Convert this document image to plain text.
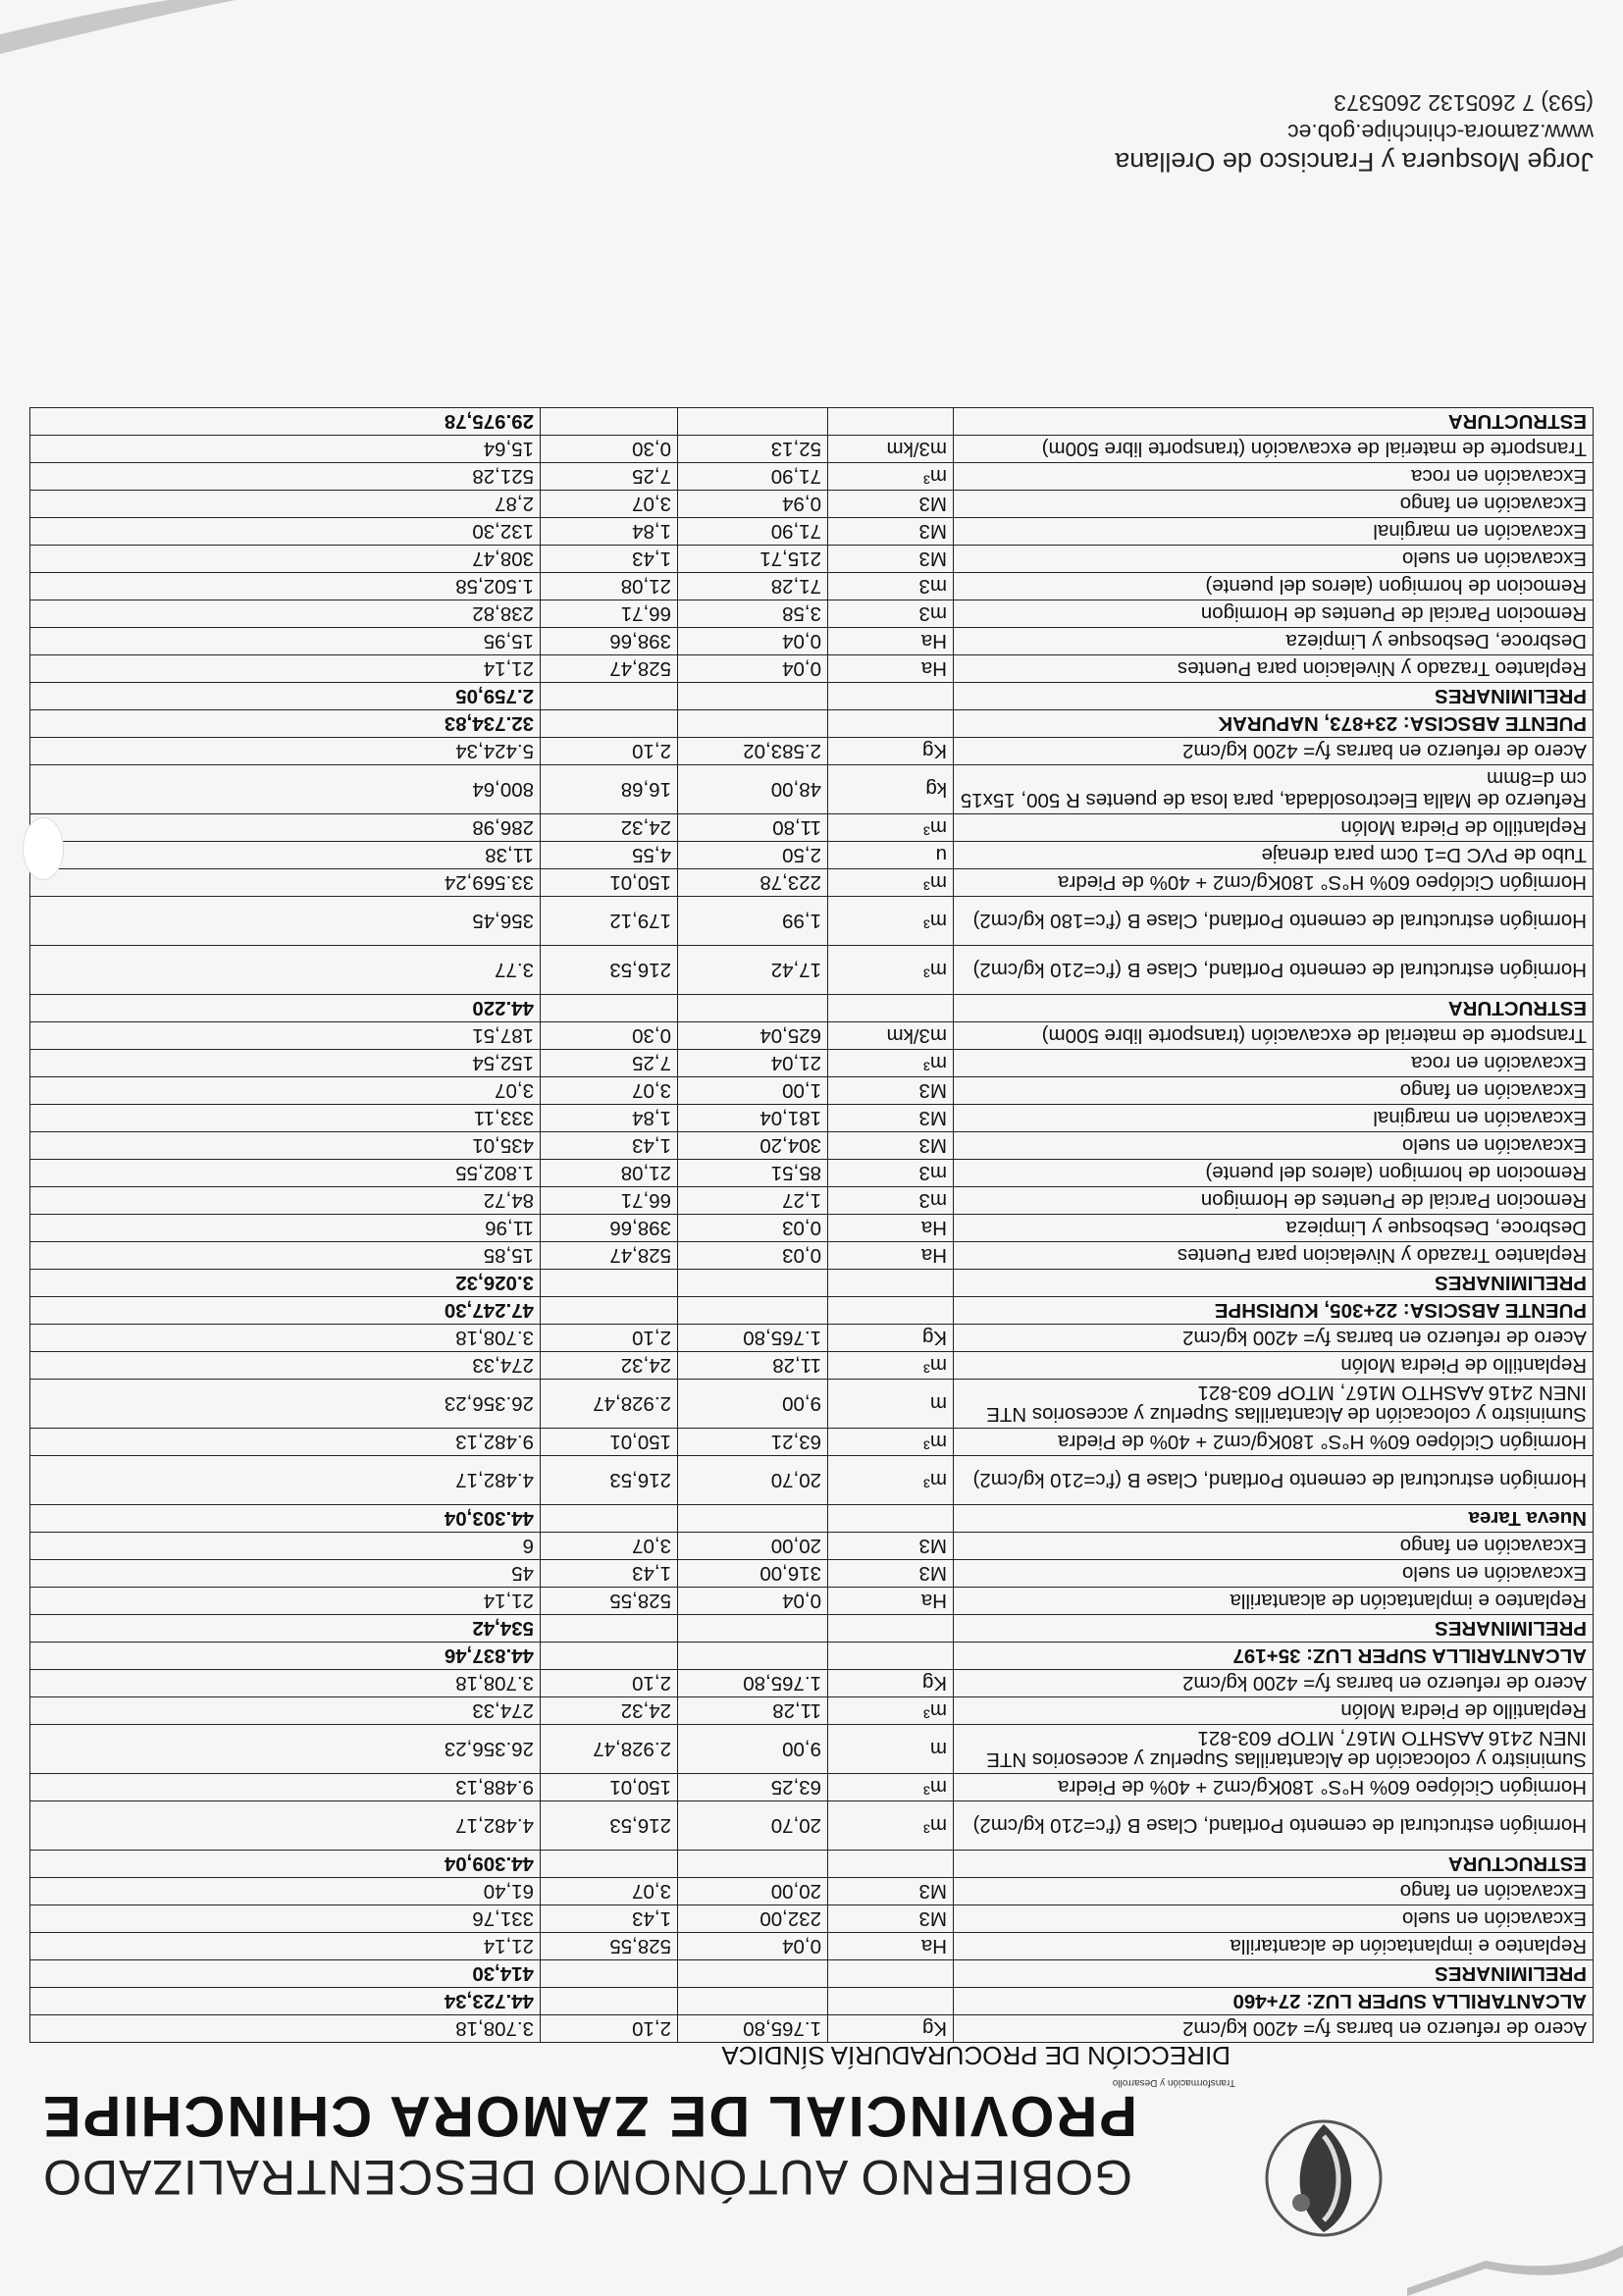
GOBIERNO AUTÓNOMO DESCENTRALIZADO
PROVINCIAL DE ZAMORA CHINCHIPE
Transformación y Desarrollo
DIRECCIÓN DE PROCURADURÍA SÍNDICA
Acero de refuerzo en barras fy= 4200 kg/cm2	Kg	1.765,80	2,10	3.708,18
ALCANTARILLA SUPER LUZ: 27+460				44.723,34
PRELIMINARES				414,30
Replanteo e implantación de alcantarilla	Ha	0,04	528,55	21,14
Excavación en suelo	M3	232,00	1,43	331,76
Excavación en fango	M3	20,00	3,07	61,40
ESTRUCTURA				44.309,04
Hormigón estructural de cemento Portland, Clase B (f'c=210 kg/cm2)	m³	20,70	216,53	4.482,17
Hormigón Ciclópeo 60% H°S° 180Kg/cm2 + 40% de Piedra	m³	63,25	150,01	9.488,13
Suministro y colocación de Alcantarillas Superluz y accesorios NTE INEN 2416 AASHTO M167, MTOP 603-821	m	9,00	2.928,47	26.356,23
Replantillo de Piedra Molón	m³	11,28	24,32	274,33
Acero de refuerzo en barras fy= 4200 kg/cm2	Kg	1.765,80	2,10	3.708,18
ALCANTARILLA SUPER LUZ: 35+197				44.837,46
PRELIMINARES				534,42
Replanteo e implantación de alcantarilla	Ha	0,04	528,55	21,14
Excavación en suelo	M3	316,00	1,43	45
Excavación en fango	M3	20,00	3,07	6
Nueva Tarea				44.303,04
Hormigón estructural de cemento Portland, Clase B (f'c=210 kg/cm2)	m³	20,70	216,53	4.482,17
Hormigón Ciclópeo 60% H°S° 180Kg/cm2 + 40% de Piedra	m³	63,21	150,01	9.482,13
Suministro y colocación de Alcantarillas Superluz y accesorios NTE INEN 2416 AASHTO M167, MTOP 603-821	m	9,00	2.928,47	26.356,23
Replantillo de Piedra Molón	m³	11,28	24,32	274,33
Acero de refuerzo en barras fy= 4200 kg/cm2	Kg	1.765,80	2,10	3.708,18
PUENTE ABSCISA: 22+305, KURISHPE				47.247,30
PRELIMINARES				3.026,32
Replanteo Trazado y Nivelacion para Puentes	Ha	0,03	528,47	15,85
Desbroce, Desbosque y Limpieza	Ha	0,03	398,66	11,96
Remocion Parcial de Puentes de Hormigon	m3	1,27	66,71	84,72
Remocion de hormigon (aleros del puente)	m3	85,51	21,08	1.802,55
Excavación en suelo	M3	304,20	1,43	435,01
Excavación en marginal	M3	181,04	1,84	333,11
Excavación en fango	M3	1,00	3,07	3,07
Excavación en roca	m³	21,04	7,25	152,54
Transporte de material de excavación (transporte libre 500m)	m3/km	625,04	0,30	187,51
ESTRUCTURA				44.220
Hormigón estructural de cemento Portland, Clase B (f'c=210 kg/cm2)	m³	17,42	216,53	3.77
Hormigón estructural de cemento Portland, Clase B (f'c=180 kg/cm2)	m³	1,99	179,12	356,45
Hormigón Ciclópeo 60% H°S° 180Kg/cm2 + 40% de Piedra	m³	223,78	150,01	33.569,24
Tubo de PVC D=1 0cm para drenaje	u	2,50	4,55	11,38
Replantillo de Piedra Molón	m³	11,80	24,32	286,98
Refuerzo de Malla Electrosoldada, para losa de puentes R 500, 15x15 cm d=8mm	kg	48,00	16,68	800,64
Acero de refuerzo en barras fy= 4200 kg/cm2	Kg	2.583,02	2,10	5.424,34
PUENTE ABSCISA: 23+873, NAPURAK				32.734,83
PRELIMINARES				2.759,05
Replanteo Trazado y Nivelacion para Puentes	Ha	0,04	528,47	21,14
Desbroce, Desbosque y Limpieza	Ha	0,04	398,66	15,95
Remocion Parcial de Puentes de Hormigon	m3	3,58	66,71	238,82
Remocion de hormigon (aleros del puente)	m3	71,28	21,08	1.502,58
Excavación en suelo	M3	215,71	1,43	308,47
Excavación en marginal	M3	71,90	1,84	132,30
Excavación en fango	M3	0,94	3,07	2,87
Excavación en roca	m³	71,90	7,25	521,28
Transporte de material de excavación (transporte libre 500m)	m3/km	52,13	0,30	15,64
ESTRUCTURA				29.975,78
Jorge Mosquera y Francisco de Orellana
www.zamora-chinchipe.gob.ec
(593) 7 2605132 2605373
